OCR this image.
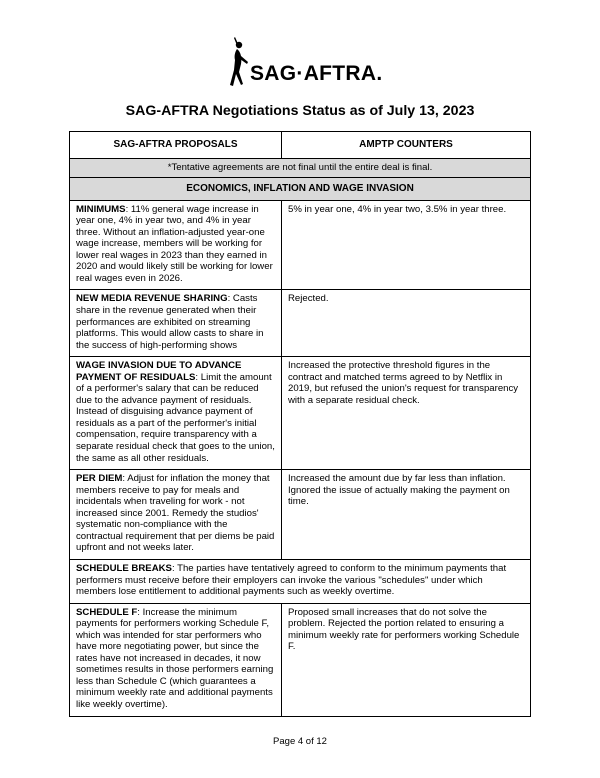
SAG·AFTRA.
SAG-AFTRA Negotiations Status as of July 13, 2023
SAG-AFTRA PROPOSALS	AMPTP COUNTERS
*Tentative agreements are not final until the entire deal is final.	
ECONOMICS, INFLATION AND WAGE INVASION	
MINIMUMS: 11% general wage increase in year one, 4% in year two, and 4% in year three. Without an inflation-adjusted year-one wage increase, members will be working for lower real wages in 2023 than they earned in 2020 and would likely still be working for lower real wages even in 2026.	5% in year one, 4% in year two, 3.5% in year three.
NEW MEDIA REVENUE SHARING: Casts share in the revenue generated when their performances are exhibited on streaming platforms. This would allow casts to share in the success of high-performing shows	Rejected.
WAGE INVASION DUE TO ADVANCE PAYMENT OF RESIDUALS: Limit the amount of a performer's salary that can be reduced due to the advance payment of residuals. Instead of disguising advance payment of residuals as a part of the performer's initial compensation, require transparency with a separate residual check that goes to the union, the same as all other residuals.	Increased the protective threshold figures in the contract and matched terms agreed to by Netflix in 2019, but refused the union's request for transparency with a separate residual check.
PER DIEM: Adjust for inflation the money that members receive to pay for meals and incidentals when traveling for work - not increased since 2001. Remedy the studios' systematic non-compliance with the contractual requirement that per diems be paid upfront and not weeks later.	Increased the amount due by far less than inflation. Ignored the issue of actually making the payment on time.
SCHEDULE BREAKS: The parties have tentatively agreed to conform to the minimum payments that performers must receive before their employers can invoke the various "schedules" under which members lose entitlement to additional payments such as weekly overtime.	
SCHEDULE F: Increase the minimum payments for performers working Schedule F, which was intended for star performers who have more negotiating power, but since the rates have not increased in decades, it now sometimes results in those performers earning less than Schedule C (which guarantees a minimum weekly rate and additional payments like weekly overtime).	Proposed small increases that do not solve the problem. Rejected the portion related to ensuring a minimum weekly rate for performers working Schedule F.
Page 4 of 12
